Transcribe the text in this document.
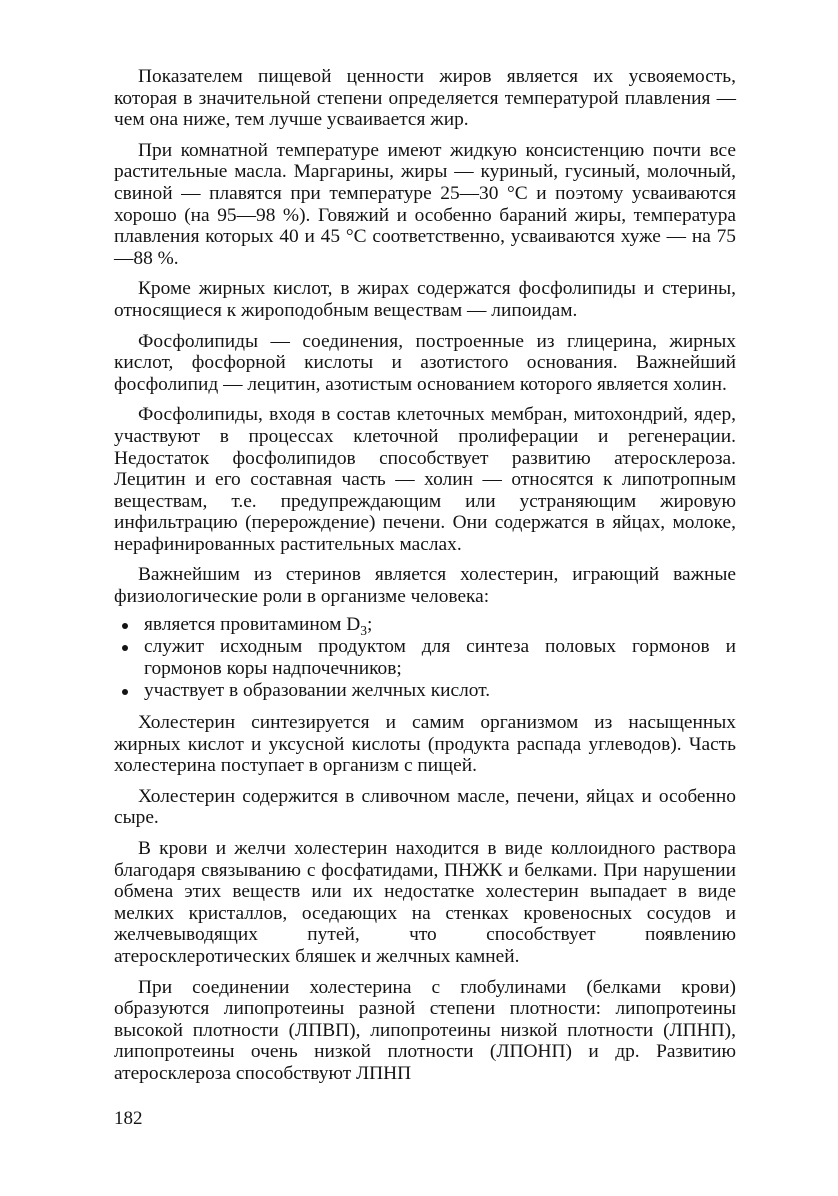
Показателем пищевой ценности жиров является их усвояемость, которая в значительной степени определяется температурой плавления — чем она ниже, тем лучше усваивается жир.

При комнатной температуре имеют жидкую консистенцию почти все растительные масла. Маргарины, жиры — куриный, гусиный, молочный, свиной — плавятся при температуре 25—30 °С и поэтому усваиваются хорошо (на 95—98 %). Говяжий и особенно бараний жиры, температура плавления которых 40 и 45 °С соответственно, усваиваются хуже — на 75—88 %.

Кроме жирных кислот, в жирах содержатся фосфолипиды и стерины, относящиеся к жироподобным веществам — липоидам.

Фосфолипиды — соединения, построенные из глицерина, жирных кислот, фосфорной кислоты и азотистого основания. Важнейший фосфолипид — лецитин, азотистым основанием которого является холин.

Фосфолипиды, входя в состав клеточных мембран, митохондрий, ядер, участвуют в процессах клеточной пролиферации и регенерации. Недостаток фосфолипидов способствует развитию атеросклероза. Лецитин и его составная часть — холин — относятся к липотропным веществам, т.е. предупреждающим или устраняющим жировую инфильтрацию (перерождение) печени. Они содержатся в яйцах, молоке, нерафинированных растительных маслах.

Важнейшим из стеринов является холестерин, играющий важные физиологические роли в организме человека:

является провитамином $D_3$;
служит исходным продуктом для синтеза половых гормонов и гормонов коры надпочечников;
участвует в образовании желчных кислот.

Холестерин синтезируется и самим организмом из насыщенных жирных кислот и уксусной кислоты (продукта распада углеводов). Часть холестерина поступает в организм с пищей.

Холестерин содержится в сливочном масле, печени, яйцах и особенно сыре.

В крови и желчи холестерин находится в виде коллоидного раствора благодаря связыванию с фосфатидами, ПНЖК и белками. При нарушении обмена этих веществ или их недостатке холестерин выпадает в виде мелких кристаллов, оседающих на стенках кровеносных сосудов и желчевыводящих путей, что способствует появлению атеросклеротических бляшек и желчных камней.

При соединении холестерина с глобулинами (белками крови) образуются липопротеины разной степени плотности: липопротеины высокой плотности (ЛПВП), липопротеины низкой плотности (ЛПНП), липопротеины очень низкой плотности (ЛПОНП) и др. Развитию атеросклероза способствуют ЛПНП

182
